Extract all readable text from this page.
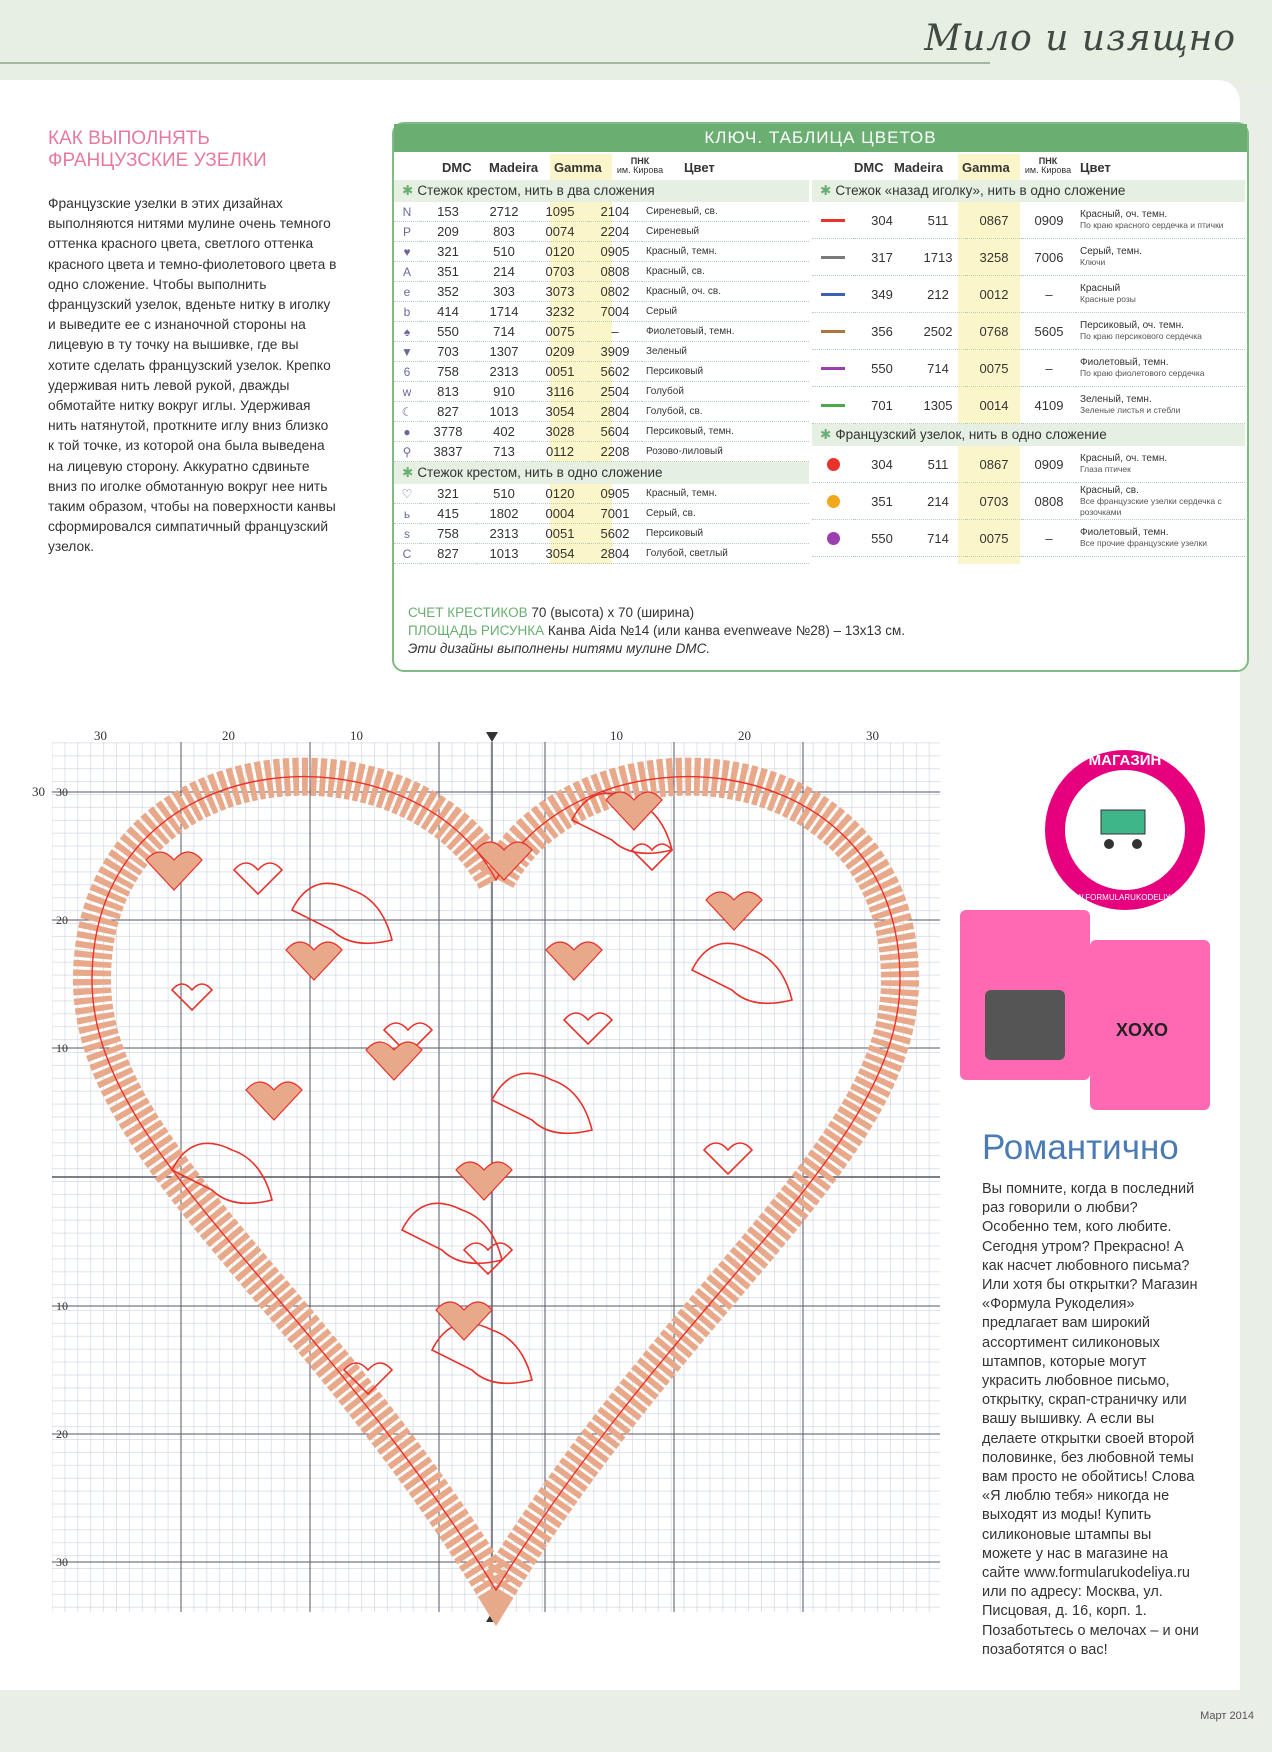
Мило и изящно
КАК ВЫПОЛНЯТЬ ФРАНЦУЗСКИЕ УЗЕЛКИ
Французские узелки в этих дизайнах выполняются нитями мулине очень темного оттенка красного цвета, светлого оттенка красного цвета и темно-фиолетового цвета в одно сложение. Чтобы выполнить французский узелок, вденьте нитку в иголку и выведите ее с изнаночной стороны на лицевую в ту точку на вышивке, где вы хотите сделать французский узелок. Крепко удерживая нить левой рукой, дважды обмотайте нитку вокруг иглы. Удерживая нить натянутой, проткните иглу вниз близко к той точке, из которой она была выведена на лицевую сторону. Аккуратно сдвиньте вниз по иголке обмотанную вокруг нее нить таким образом, чтобы на поверхности канвы сформировался симпатичный французский узелок.
КЛЮЧ. ТАБЛИЦА ЦВЕТОВ
DMC Madeira Gamma	ПНК
им. Кирова Цвет
✱ Стежок крестом, нить в два сложения
N	153	2712	1095	2104	Сиреневый, св.
P	209	803	0074	2204	Сиреневый
♥	321	510	0120	0905	Красный, темн.
A	351	214	0703	0808	Красный, св.
e	352	303	3073	0802	Красный, оч. св.
b	414	1714	3232	7004	Серый
♠	550	714	0075	–	Фиолетовый, темн.
▼	703	1307	0209	3909	Зеленый
6	758	2313	0051	5602	Персиковый
w	813	910	3116	2504	Голубой
☾	827	1013	3054	2804	Голубой, св.
●	3778	402	3028	5604	Персиковый, темн.
⚲	3837	713	0112	2208	Розово-лиловый
✱ Стежок крестом, нить в одно сложение
♡	321	510	0120	0905	Красный, темн.
ь	415	1802	0004	7001	Серый, св.
s	758	2313	0051	5602	Персиковый
C	827	1013	3054	2804	Голубой, светлый
DMC Madeira Gamma	ПНК
им. Кирова Цвет
✱ Стежок «назад иголку», нить в одно сложение
	304	511	0867	0909	Красный, оч. темн.
По краю красного сердечка и птички

	317	1713	3258	7006	Серый, темн.
Ключи

	349	212	0012	–	Красный
Красные розы

	356	2502	0768	5605	Персиковый, оч. темн.
По краю персикового сердечка

	550	714	0075	–	Фиолетовый, темн.
По краю фиолетового сердечка

	701	1305	0014	4109	Зеленый, темн.
Зеленые листья и стебли
✱ Французский узелок, нить в одно сложение
	304	511	0867	0909	Красный, оч. темн.
Глаза птичек

	351	214	0703	0808	Красный, св.
Все французские узелки сердечка с розочками

	550	714	0075	–	Фиолетовый, темн.
Все прочие французские узелки
СЧЕТ КРЕСТИКОВ 70 (высота) x 70 (ширина)
ПЛОЩАДЬ РИСУНКА Канва Aida №14 (или канва evenweave №28) – 13x13 см.
Эти дизайны выполнены нитями мулине DMC.
30	20	10	10	20	30
30 30
20
10
10
20
30
МАГАЗИН
WWW.FORMULARUKODELIYA.RU
XOXO
Романтично
Вы помните, когда в последний раз говорили о любви? Особенно тем, кого любите. Сегодня утром? Прекрасно! А как насчет любовного письма? Или хотя бы открытки? Магазин «Формула Рукоделия» предлагает вам широкий ассортимент силиконовых штампов, которые могут украсить любовное письмо, открытку, скрап-страничку или вашу вышивку. А если вы делаете открытки своей второй половинке, без любовной темы вам просто не обойтись! Слова «Я люблю тебя» никогда не выходят из моды! Купить силиконовые штампы вы можете у нас в магазине на сайте www.formularukodeliya.ru или по адресу: Москва, ул. Писцовая, д. 16, корп. 1. Позаботьтесь о мелочах – и они позаботятся о вас!
Март 2014
